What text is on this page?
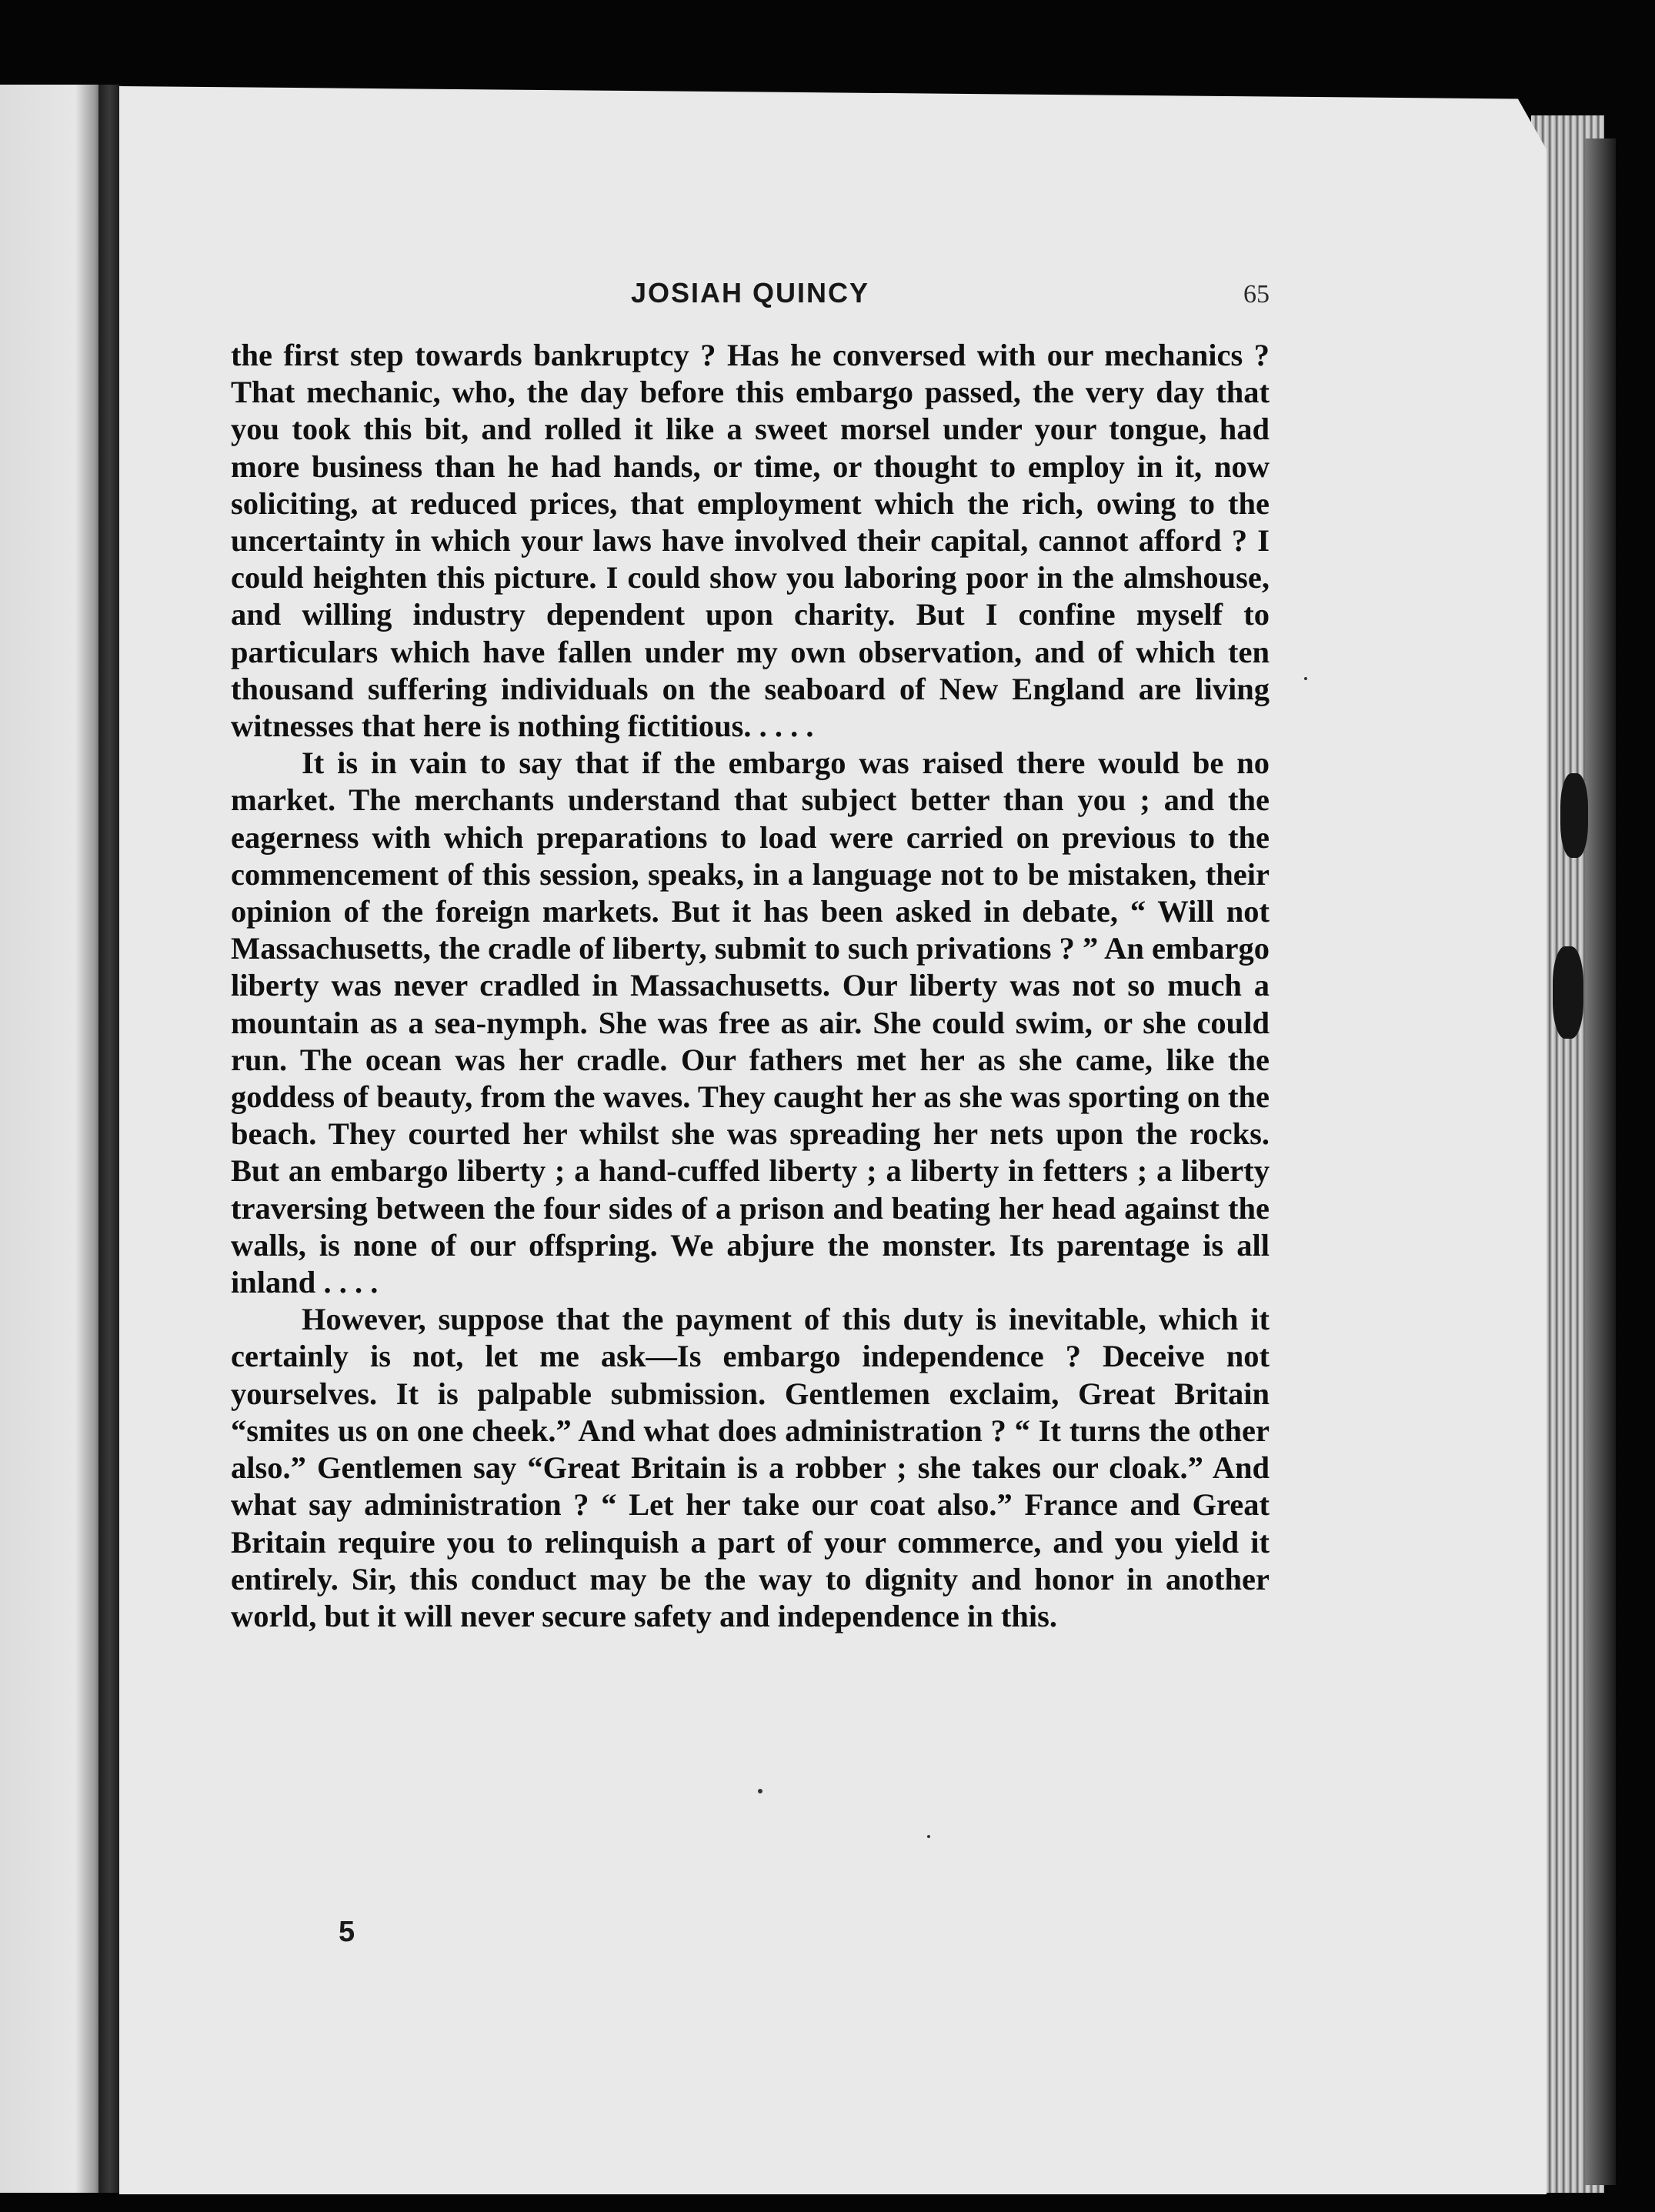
JOSIAH QUINCY	65

the first step towards bankruptcy ? Has he conversed with our mechanics ? That mechanic, who, the day before this embargo passed, the very day that you took this bit, and rolled it like a sweet morsel under your tongue, had more business than he had hands, or time, or thought to employ in it, now soliciting, at reduced prices, that employment which the rich, owing to the uncertainty in which your laws have involved their capital, cannot afford ? I could heighten this picture. I could show you laboring poor in the almshouse, and willing industry dependent upon charity. But I confine myself to particulars which have fallen under my own observation, and of which ten thousand suffering individuals on the seaboard of New England are living witnesses that here is nothing fictitious. . . . .

It is in vain to say that if the embargo was raised there would be no market. The merchants understand that subject better than you ; and the eagerness with which preparations to load were carried on previous to the commencement of this session, speaks, in a language not to be mistaken, their opinion of the foreign markets. But it has been asked in debate, “ Will not Massachusetts, the cradle of liberty, submit to such privations ? ” An embargo liberty was never cradled in Massachusetts. Our liberty was not so much a mountain as a sea-nymph. She was free as air. She could swim, or she could run. The ocean was her cradle. Our fathers met her as she came, like the goddess of beauty, from the waves. They caught her as she was sporting on the beach. They courted her whilst she was spreading her nets upon the rocks. But an embargo liberty ; a hand-cuffed liberty ; a liberty in fetters ; a liberty traversing between the four sides of a prison and beating her head against the walls, is none of our offspring. We abjure the monster. Its parentage is all inland . . . .

However, suppose that the payment of this duty is inevitable, which it certainly is not, let me ask—Is embargo independence ? Deceive not yourselves. It is palpable submission. Gentlemen exclaim, Great Britain “smites us on one cheek.” And what does administration ? “ It turns the other also.” Gentlemen say “Great Britain is a robber ; she takes our cloak.” And what say administration ? “ Let her take our coat also.” France and Great Britain require you to relinquish a part of your commerce, and you yield it entirely. Sir, this conduct may be the way to dignity and honor in another world, but it will never secure safety and independence in this.

5
